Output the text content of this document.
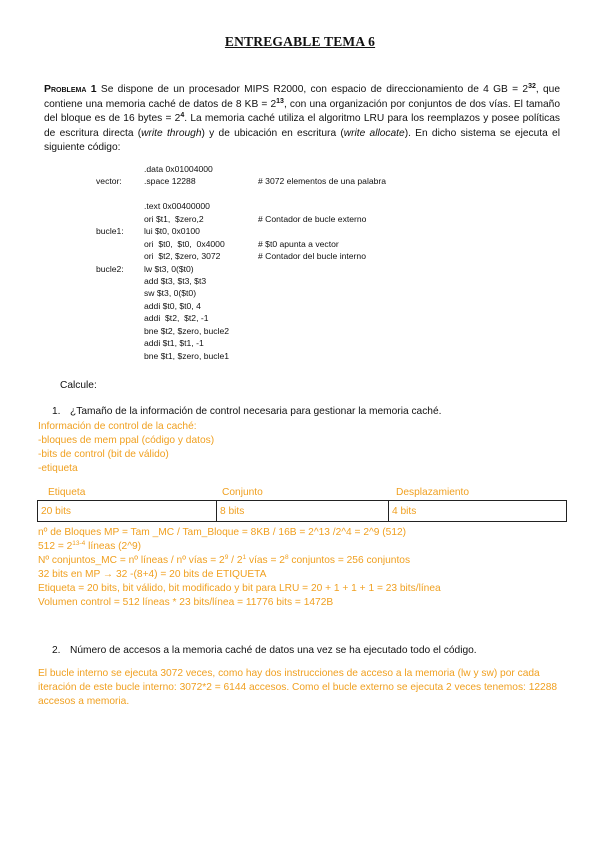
ENTREGABLE TEMA 6
Problema 1 Se dispone de un procesador MIPS R2000, con espacio de direccionamiento de 4 GB = $2^{32}$, que contiene una memoria caché de datos de 8 KB = $2^{13}$, con una organización por conjuntos de dos vías. El tamaño del bloque es de 16 bytes = $2^4$. La memoria caché utiliza el algoritmo LRU para los reemplazos y posee políticas de escritura directa (write through) y de ubicación en escritura (write allocate). En dicho sistema se ejecuta el siguiente código:
.data 0x01004000
vector:	.space 12288	# 3072 elementos de una palabra
.text 0x00400000
ori $t1,  $zero,2	# Contador de bucle externo
bucle1: lui $t0, 0x0100
ori  $t0,  $t0,  0x4000	# $t0 apunta a vector
ori  $t2, $zero, 3072	# Contador del bucle interno
bucle2: lw $t3, 0($t0)
add $t3, $t3, $t3
sw $t3, 0($t0)
addi $t0, $t0, 4
addi  $t2,  $t2, -1
bne $t2, $zero, bucle2
addi $t1, $t1, -1
bne $t1, $zero, bucle1
Calcule:
1. ¿Tamaño de la información de control necesaria para gestionar la memoria caché.
Información de control de la caché:
-bloques de mem ppal (código y datos)
-bits de control (bit de válido)
-etiqueta
Etiqueta	Conjunto	Desplazamiento
20 bits	8 bits	4 bits
nº de Bloques MP = Tam _MC / Tam_Bloque = 8KB / 16B = 2^13 /2^4 = 2^9 (512)
$512 = 2^{13-4}$ líneas (2^9)
Nº conjuntos_MC = nº líneas / nº vías = $2^9 / 2^1$ vías = $2^8$ conjuntos = 256 conjuntos
32 bits en MP → 32 -(8+4) = 20 bits de ETIQUETA
Etiqueta = 20 bits, bit válido, bit modificado y bit para LRU = 20 + 1 + 1 + 1 = 23 bits/línea
Volumen control = 512 líneas * 23 bits/línea = 11776 bits = 1472B
2. Número de accesos a la memoria caché de datos una vez se ha ejecutado todo el código.
El bucle interno se ejecuta 3072 veces, como hay dos instrucciones de acceso a la memoria (lw y sw) por cada iteración de este bucle interno: 3072*2 = 6144 accesos. Como el bucle externo se ejecuta 2 veces tenemos: 12288 accesos a memoria.
